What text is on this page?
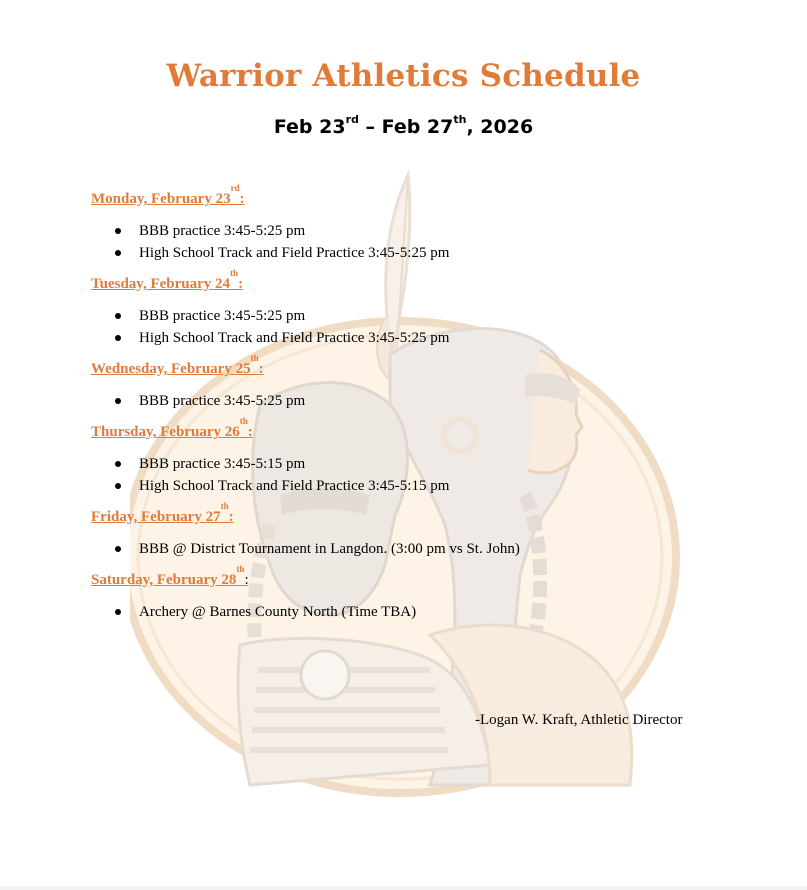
Warrior Athletics Schedule
Feb 23rd – Feb 27th, 2026
Monday, February 23rd:
BBB practice 3:45-5:25 pm
High School Track and Field Practice 3:45-5:25 pm
Tuesday, February 24th:
BBB practice 3:45-5:25 pm
High School Track and Field Practice 3:45-5:25 pm
Wednesday, February 25th:
BBB practice 3:45-5:25 pm
Thursday, February 26th:
BBB practice 3:45-5:15 pm
High School Track and Field Practice 3:45-5:15 pm
Friday, February 27th:
BBB @ District Tournament in Langdon. (3:00 pm vs St. John)
Saturday, February 28th:
Archery @ Barnes County North (Time TBA)
-Logan W. Kraft, Athletic Director
